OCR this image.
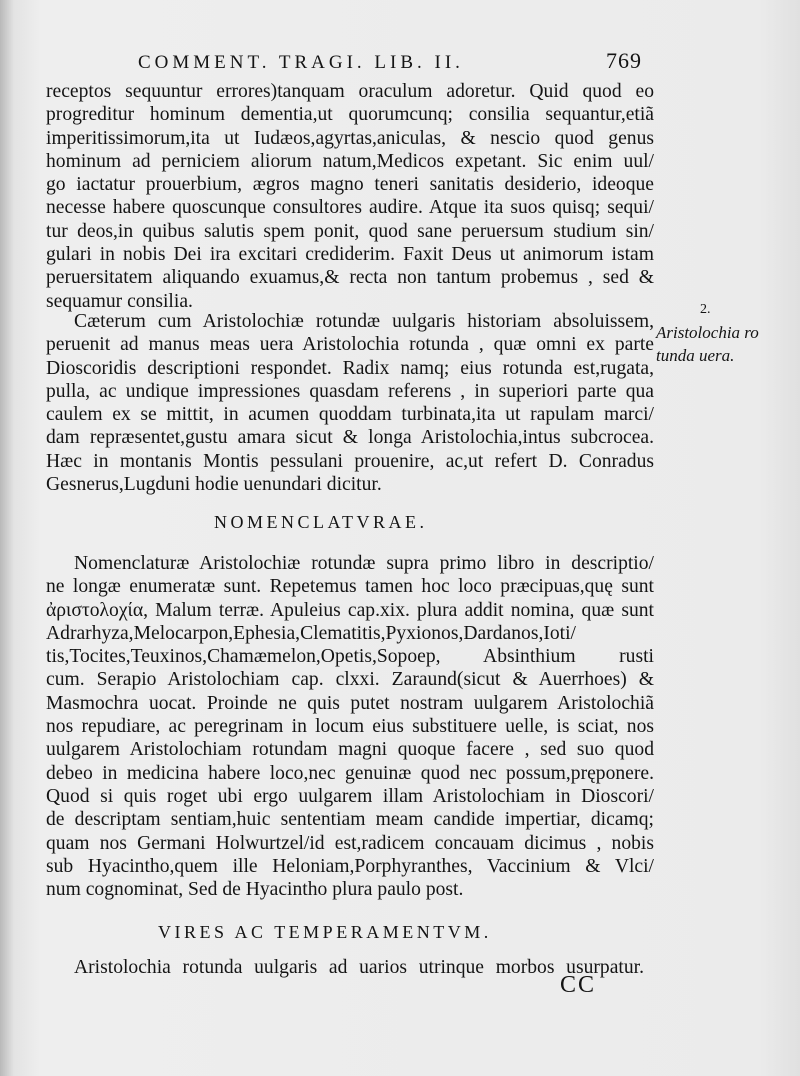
COMMENT. TRAGI. LIB. II.	769
receptos sequuntur errores)tanquam oraculum adoretur. Quid quod eo
progreditur hominum dementia,ut quorumcunq; consilia sequantur,etiã
imperitissimorum,ita ut Iudæos,agyrtas,aniculas, & nescio quod genus
hominum ad perniciem aliorum natum,Medicos expetant. Sic enim uul/
go iactatur prouerbium, ægros magno teneri sanitatis desiderio, ideoque
necesse habere quoscunque consultores audire. Atque ita suos quisq; sequi/
tur deos,in quibus salutis spem ponit, quod sane peruersum studium sin/
gulari in nobis Dei ira excitari crediderim. Faxit Deus ut animorum istam
peruersitatem aliquando exuamus,& recta non tantum probemus , sed &
sequamur consilia.
Cæterum cum Aristolochiæ rotundæ uulgaris historiam absoluissem,
peruenit ad manus meas uera Aristolochia rotunda , quæ omni ex parte
Dioscoridis descriptioni respondet. Radix namq; eius rotunda est,rugata,
pulla, ac undique impressiones quasdam referens , in superiori parte qua
caulem ex se mittit, in acumen quoddam turbinata,ita ut rapulam marci/
dam repræsentet,gustu amara sicut & longa Aristolochia,intus subcrocea.
Hæc in montanis Montis pessulani prouenire, ac,ut refert D. Conradus
Gesnerus,Lugduni hodie uenundari dicitur.
2.
Aristolochia ro
tunda uera.
NOMENCLATVRAE.
Nomenclaturæ Aristolochiæ rotundæ supra primo libro in descriptio/
ne longæ enumeratæ sunt. Repetemus tamen hoc loco præcipuas,quę sunt
ἀριστολοχία, Malum terræ. Apuleius cap.xix. plura addit nomina, quæ sunt
Adrarhyza,Melocarpon,Ephesia,Clematitis,Pyxionos,Dardanos,Ioti/
tis,Tocites,Teuxinos,Chamæmelon,Opetis,Sopoep, Absinthium rusti
cum. Serapio Aristolochiam cap. clxxi. Zaraund(sicut & Auerrhoes) &
Masmochra uocat. Proinde ne quis putet nostram uulgarem Aristolochiã
nos repudiare, ac peregrinam in locum eius substituere uelle, is sciat, nos
uulgarem Aristolochiam rotundam magni quoque facere , sed suo quod
debeo in medicina habere loco,nec genuinæ quod nec possum,pręponere.
Quod si quis roget ubi ergo uulgarem illam Aristolochiam in Dioscori/
de descriptam sentiam,huic sententiam meam candide impertiar, dicamq;
quam nos Germani Holwurtzel/id est,radicem concauam dicimus , nobis
sub Hyacintho,quem ille Heloniam,Porphyranthes, Vaccinium & Vlci/
num cognominat, Sed de Hyacintho plura paulo post.
VIRES AC TEMPERAMENTVM.
Aristolochia rotunda uulgaris ad uarios utrinque morbos usurpatur.
CC
